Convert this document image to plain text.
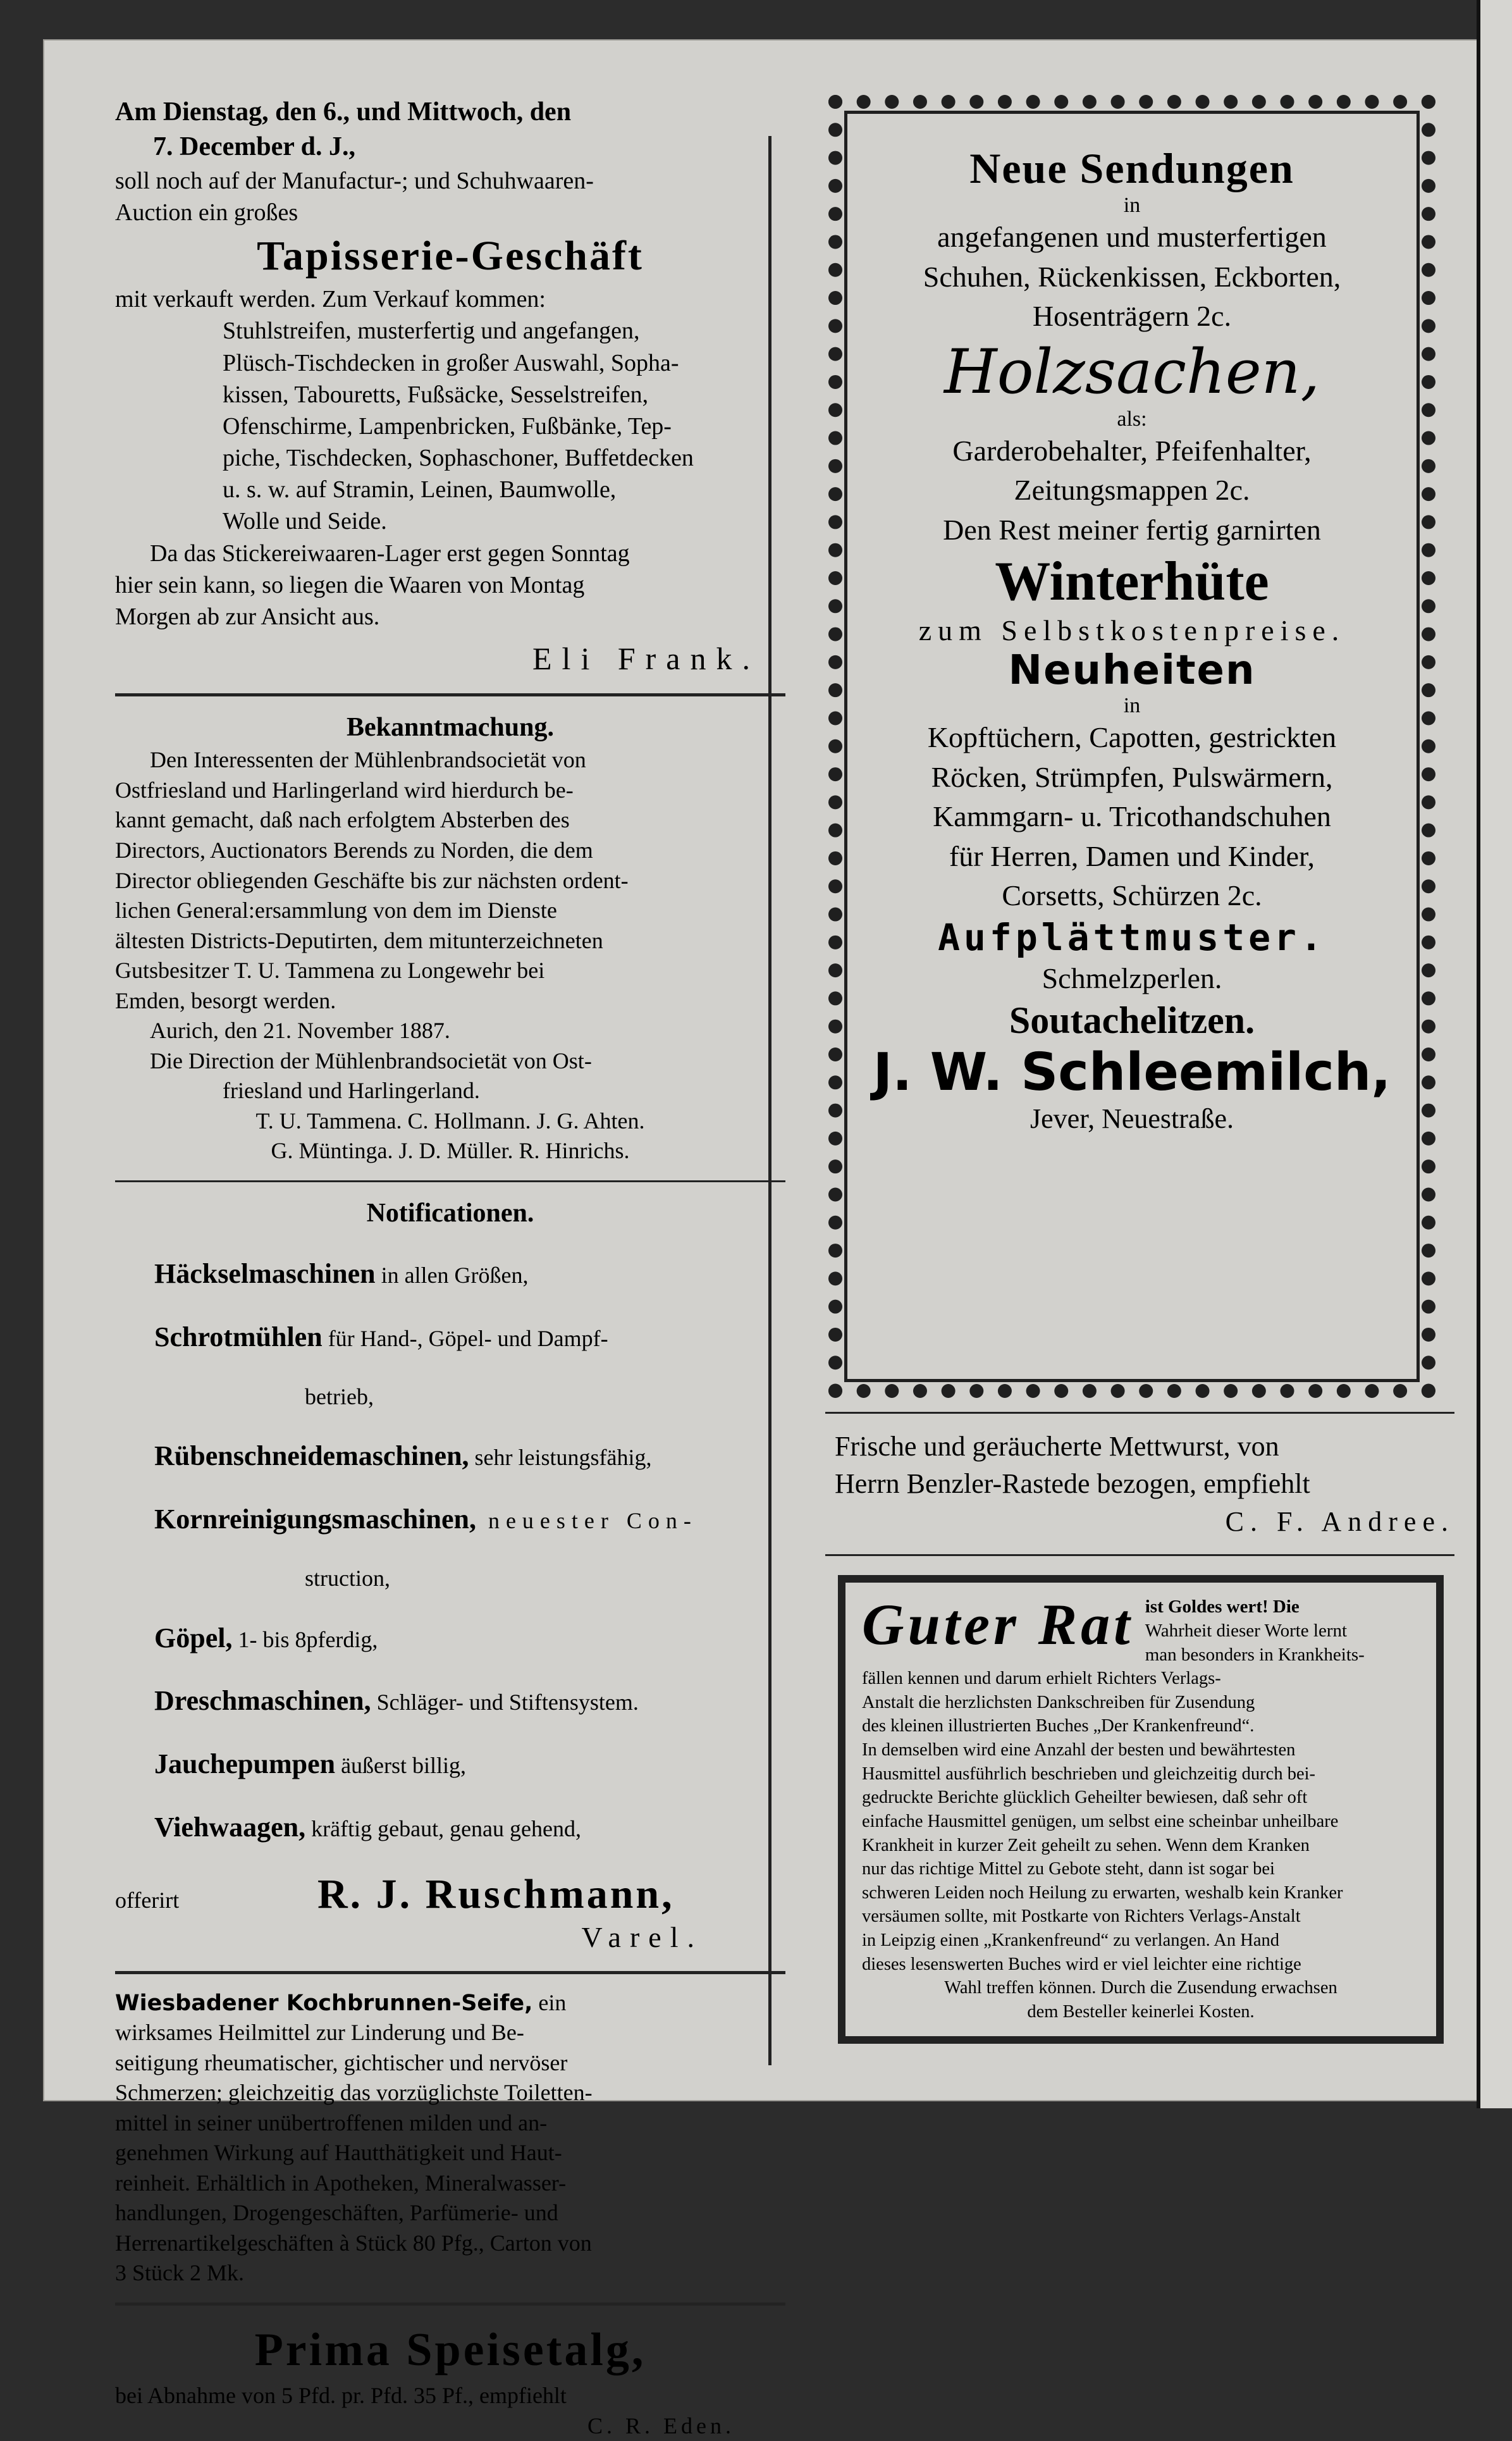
Am Dienstag, den 6., und Mittwoch, den

7. December d. J.,

soll noch auf der Manufactur-; und Schuhwaaren-

Auction ein großes

Tapisserie-Geschäft

mit verkauft werden. Zum Verkauf kommen:

Stuhlstreifen, musterfertig und angefangen,

Plüsch-Tischdecken in großer Auswahl, Sopha-

kissen, Tabouretts, Fußsäcke, Sesselstreifen,

Ofenschirme, Lampenbricken, Fußbänke, Tep-

piche, Tischdecken, Sophaschoner, Buffetdecken

u. s. w. auf Stramin, Leinen, Baumwolle,

Wolle und Seide.

Da das Stickereiwaaren-Lager erst gegen Sonntag

hier sein kann, so liegen die Waaren von Montag

Morgen ab zur Ansicht aus.

Eli Frank.

Bekanntmachung.

Den Interessenten der Mühlenbrandsocietät von

Ostfriesland und Harlingerland wird hierdurch be-

kannt gemacht, daß nach erfolgtem Absterben des

Directors, Auctionators Berends zu Norden, die dem

Director obliegenden Geschäfte bis zur nächsten ordent-

lichen General:ersammlung von dem im Dienste

ältesten Districts-Deputirten, dem mitunterzeichneten

Gutsbesitzer T. U. Tammena zu Longewehr bei

Emden, besorgt werden.

Aurich, den 21. November 1887.

Die Direction der Mühlenbrandsocietät von Ost-

friesland und Harlingerland.

T. U. Tammena. C. Hollmann. J. G. Ahten.

G. Müntinga. J. D. Müller. R. Hinrichs.

Notificationen.

Häckselmaschinen in allen Größen,

Schrotmühlen für Hand-, Göpel- und Dampf-

betrieb,

Rübenschneidemaschinen, sehr leistungsfähig,

Kornreinigungsmaschinen, neuester Con-

struction,

Göpel, 1- bis 8pferdig,

Dreschmaschinen, Schläger- und Stiftensystem.

Jauchepumpen äußerst billig,

Viehwaagen, kräftig gebaut, genau gehend,

offerirt	R. J. Ruschmann,

Varel.

Wiesbadener Kochbrunnen-Seife, ein

wirksames Heilmittel zur Linderung und Be-

seitigung rheumatischer, gichtischer und nervöser

Schmerzen; gleichzeitig das vorzüglichste Toiletten-

mittel in seiner unübertroffenen milden und an-

genehmen Wirkung auf Hautthätigkeit und Haut-

reinheit. Erhältlich in Apotheken, Mineralwasser-

handlungen, Drogengeschäften, Parfümerie- und

Herrenartikelgeschäften à Stück 80 Pfg., Carton von

3 Stück 2 Mk.

Prima Speisetalg,

bei Abnahme von 5 Pfd. pr. Pfd. 35 Pf., empfiehlt

C. R. Eden.

Neue Sendungen

in

angefangenen und musterfertigen

Schuhen, Rückenkissen, Eckborten,

Hosenträgern 2c.

Holzsachen,

als:

Garderobehalter, Pfeifenhalter,

Zeitungsmappen 2c.

Den Rest meiner fertig garnirten

Winterhüte

zum Selbstkostenpreise.

Neuheiten

in

Kopftüchern, Capotten, gestrickten

Röcken, Strümpfen, Pulswärmern,

Kammgarn- u. Tricothandschuhen

für Herren, Damen und Kinder,

Corsetts, Schürzen 2c.

Aufplättmuster.

Schmelzperlen.

Soutachelitzen.

J. W. Schleemilch,

Jever, Neuestraße.

Frische und geräucherte Mettwurst, von

Herrn Benzler-Rastede bezogen, empfiehlt

C. F. Andree.

Guter Rat ist Goldes wert! Die
Wahrheit dieser Worte lernt
man besonders in Krankheits-

fällen kennen und darum erhielt Richters Verlags-

Anstalt die herzlichsten Dankschreiben für Zusendung

des kleinen illustrierten Buches „Der Krankenfreund“.

In demselben wird eine Anzahl der besten und bewährtesten

Hausmittel ausführlich beschrieben und gleichzeitig durch bei-

gedruckte Berichte glücklich Geheilter bewiesen, daß sehr oft

einfache Hausmittel genügen, um selbst eine scheinbar unheilbare

Krankheit in kurzer Zeit geheilt zu sehen. Wenn dem Kranken

nur das richtige Mittel zu Gebote steht, dann ist sogar bei

schweren Leiden noch Heilung zu erwarten, weshalb kein Kranker

versäumen sollte, mit Postkarte von Richters Verlags-Anstalt

in Leipzig einen „Krankenfreund“ zu verlangen. An Hand

dieses lesenswerten Buches wird er viel leichter eine richtige

Wahl treffen können. Durch die Zusendung erwachsen

dem Besteller keinerlei Kosten.
